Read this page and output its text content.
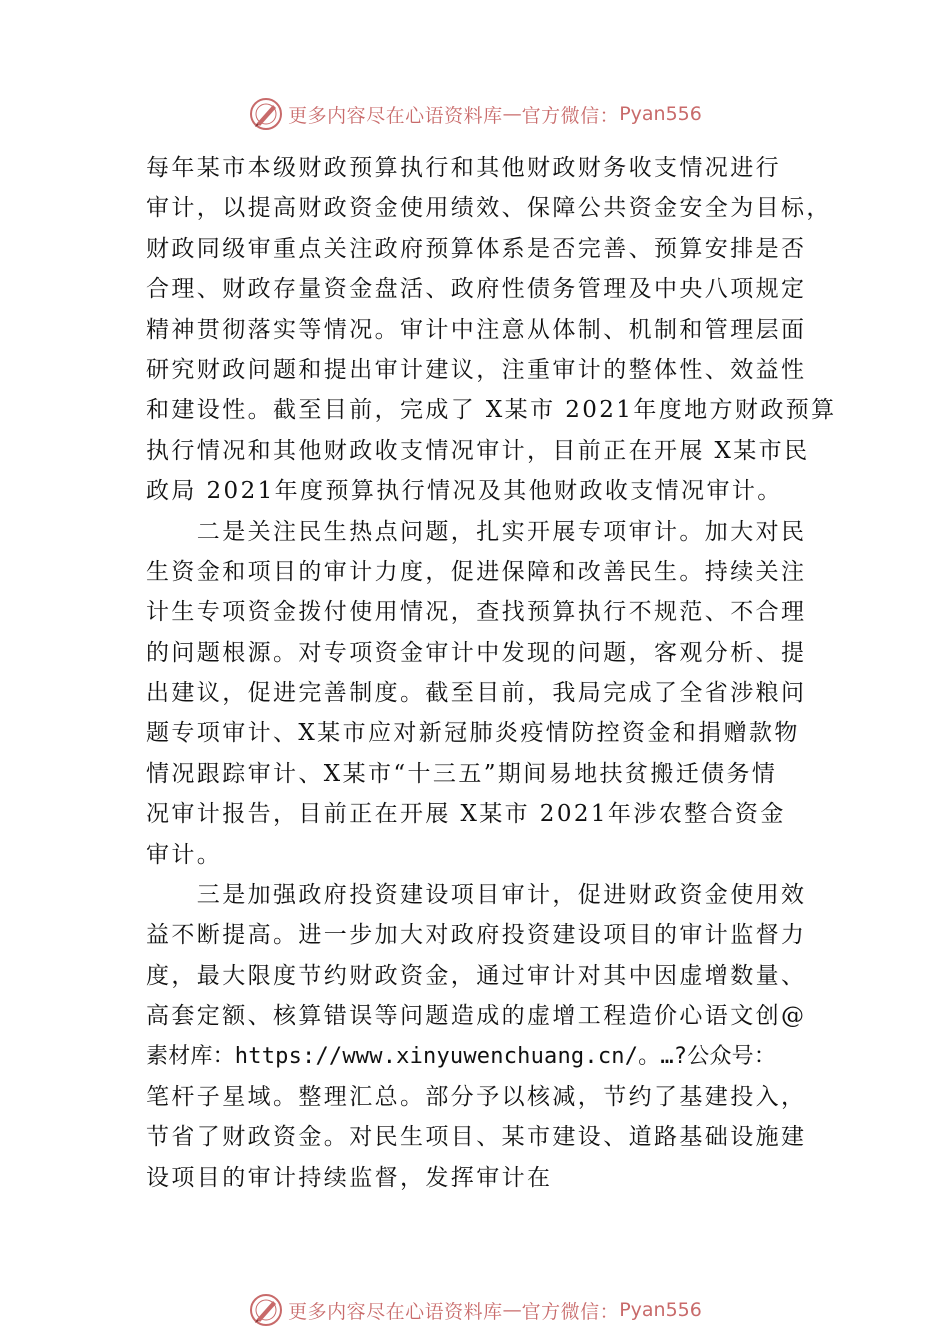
更多内容尽在心语资料库 — 官方微信： Pyan556
每年某市本级财政预算执行和其他财政财务收支情况进行
审计，以提高财政资金使用绩效、保障公共资金安全为目标，
财政同级审重点关注政府预算体系是否完善、预算安排是否
合理、财政存量资金盘活、政府性债务管理及中央八项规定
精神贯彻落实等情况。审计中注意从体制、机制和管理层面
研究财政问题和提出审计建议，注重审计的整体性、效益性
和建设性。截至目前，完成了 X某市 2021年度地方财政预算
执行情况和其他财政收支情况审计，目前正在开展 X某市民
政局 2021年度预算执行情况及其他财政收支情况审计。
　　二是关注民生热点问题，扎实开展专项审计。加大对民
生资金和项目的审计力度，促进保障和改善民生。持续关注
计生专项资金拨付使用情况，查找预算执行不规范、不合理
的问题根源。对专项资金审计中发现的问题，客观分析、提
出建议，促进完善制度。截至目前，我局完成了全省涉粮问
题专项审计、X某市应对新冠肺炎疫情防控资金和捐赠款物
情况跟踪审计、X某市“十三五”期间易地扶贫搬迁债务情
况审计报告，目前正在开展 X某市 2021年涉农整合资金
审计。
　　三是加强政府投资建设项目审计，促进财政资金使用效
益不断提高。进一步加大对政府投资建设项目的审计监督力
度，最大限度节约财政资金，通过审计对其中因虚增数量、
高套定额、核算错误等问题造成的虚增工程造价心语文创@
素材库：https://www.xinyuwenchuang.cn/。…?公众号：
笔杆子星域。整理汇总。部分予以核减，节约了基建投入，
节省了财政资金。对民生项目、某市建设、道路基础设施建
设项目的审计持续监督，发挥审计在
更多内容尽在心语资料库 — 官方微信： Pyan556
